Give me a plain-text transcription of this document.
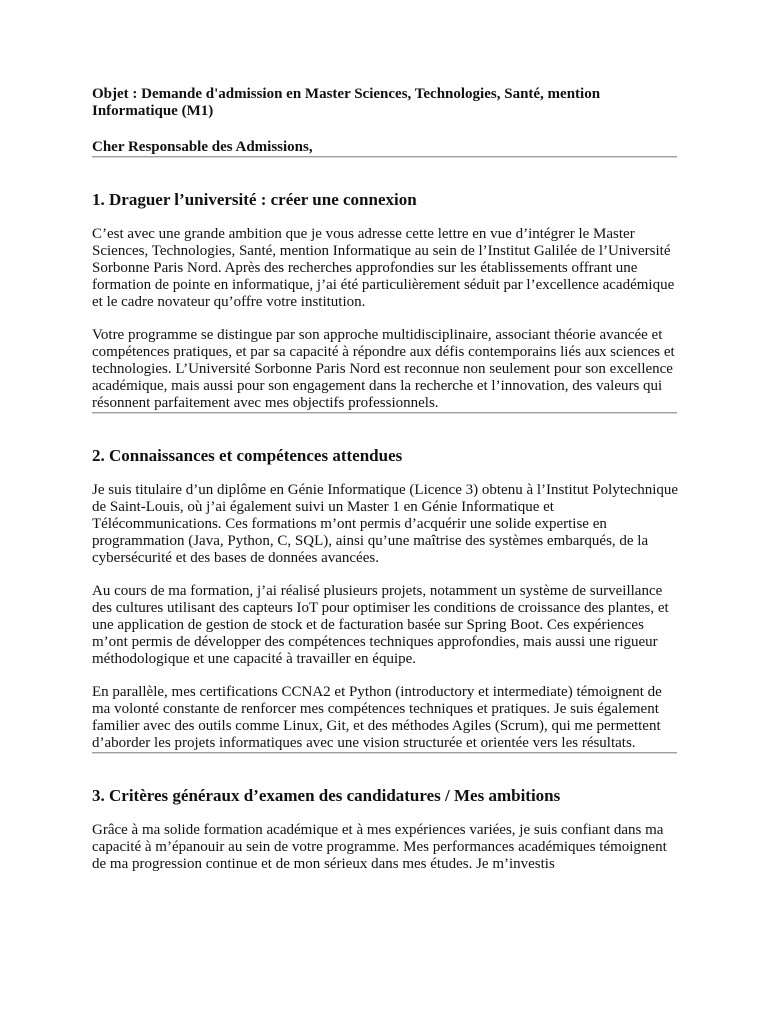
Objet : Demande d'admission en Master Sciences, Technologies, Santé, mention Informatique (M1)

Cher Responsable des Admissions,

1. Draguer l’université : créer une connexion

C’est avec une grande ambition que je vous adresse cette lettre en vue d’intégrer le Master Sciences, Technologies, Santé, mention Informatique au sein de l’Institut Galilée de l’Université Sorbonne Paris Nord. Après des recherches approfondies sur les établissements offrant une formation de pointe en informatique, j’ai été particulièrement séduit par l’excellence académique et le cadre novateur qu’offre votre institution.

Votre programme se distingue par son approche multidisciplinaire, associant théorie avancée et compétences pratiques, et par sa capacité à répondre aux défis contemporains liés aux sciences et technologies. L’Université Sorbonne Paris Nord est reconnue non seulement pour son excellence académique, mais aussi pour son engagement dans la recherche et l’innovation, des valeurs qui résonnent parfaitement avec mes objectifs professionnels.

2. Connaissances et compétences attendues

Je suis titulaire d’un diplôme en Génie Informatique (Licence 3) obtenu à l’Institut Polytechnique de Saint-Louis, où j’ai également suivi un Master 1 en Génie Informatique et Télécommunications. Ces formations m’ont permis d’acquérir une solide expertise en programmation (Java, Python, C, SQL), ainsi qu’une maîtrise des systèmes embarqués, de la cybersécurité et des bases de données avancées.

Au cours de ma formation, j’ai réalisé plusieurs projets, notamment un système de surveillance des cultures utilisant des capteurs IoT pour optimiser les conditions de croissance des plantes, et une application de gestion de stock et de facturation basée sur Spring Boot. Ces expériences m’ont permis de développer des compétences techniques approfondies, mais aussi une rigueur méthodologique et une capacité à travailler en équipe.

En parallèle, mes certifications CCNA2 et Python (introductory et intermediate) témoignent de ma volonté constante de renforcer mes compétences techniques et pratiques. Je suis également familier avec des outils comme Linux, Git, et des méthodes Agiles (Scrum), qui me permettent d’aborder les projets informatiques avec une vision structurée et orientée vers les résultats.

3. Critères généraux d’examen des candidatures / Mes ambitions

Grâce à ma solide formation académique et à mes expériences variées, je suis confiant dans ma capacité à m’épanouir au sein de votre programme. Mes performances académiques témoignent de ma progression continue et de mon sérieux dans mes études. Je m’investis
